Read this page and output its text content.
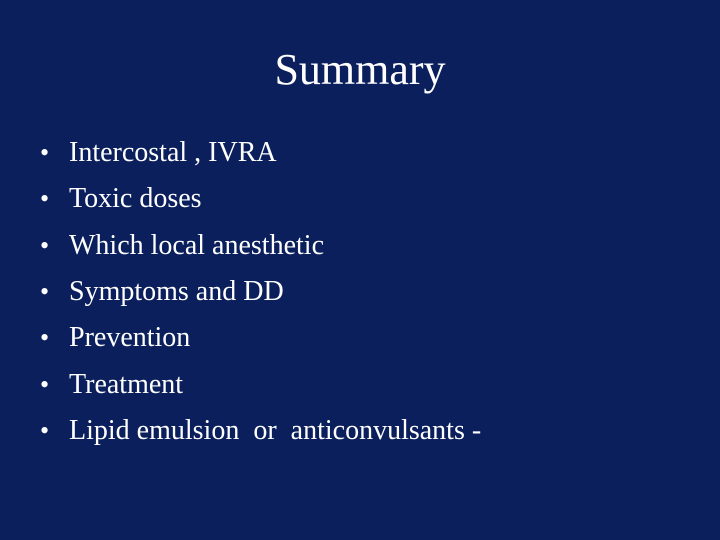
Summary
• Intercostal , IVRA
• Toxic doses
• Which local anesthetic
• Symptoms and DD
• Prevention
• Treatment
• Lipid emulsion  or  anticonvulsants -
